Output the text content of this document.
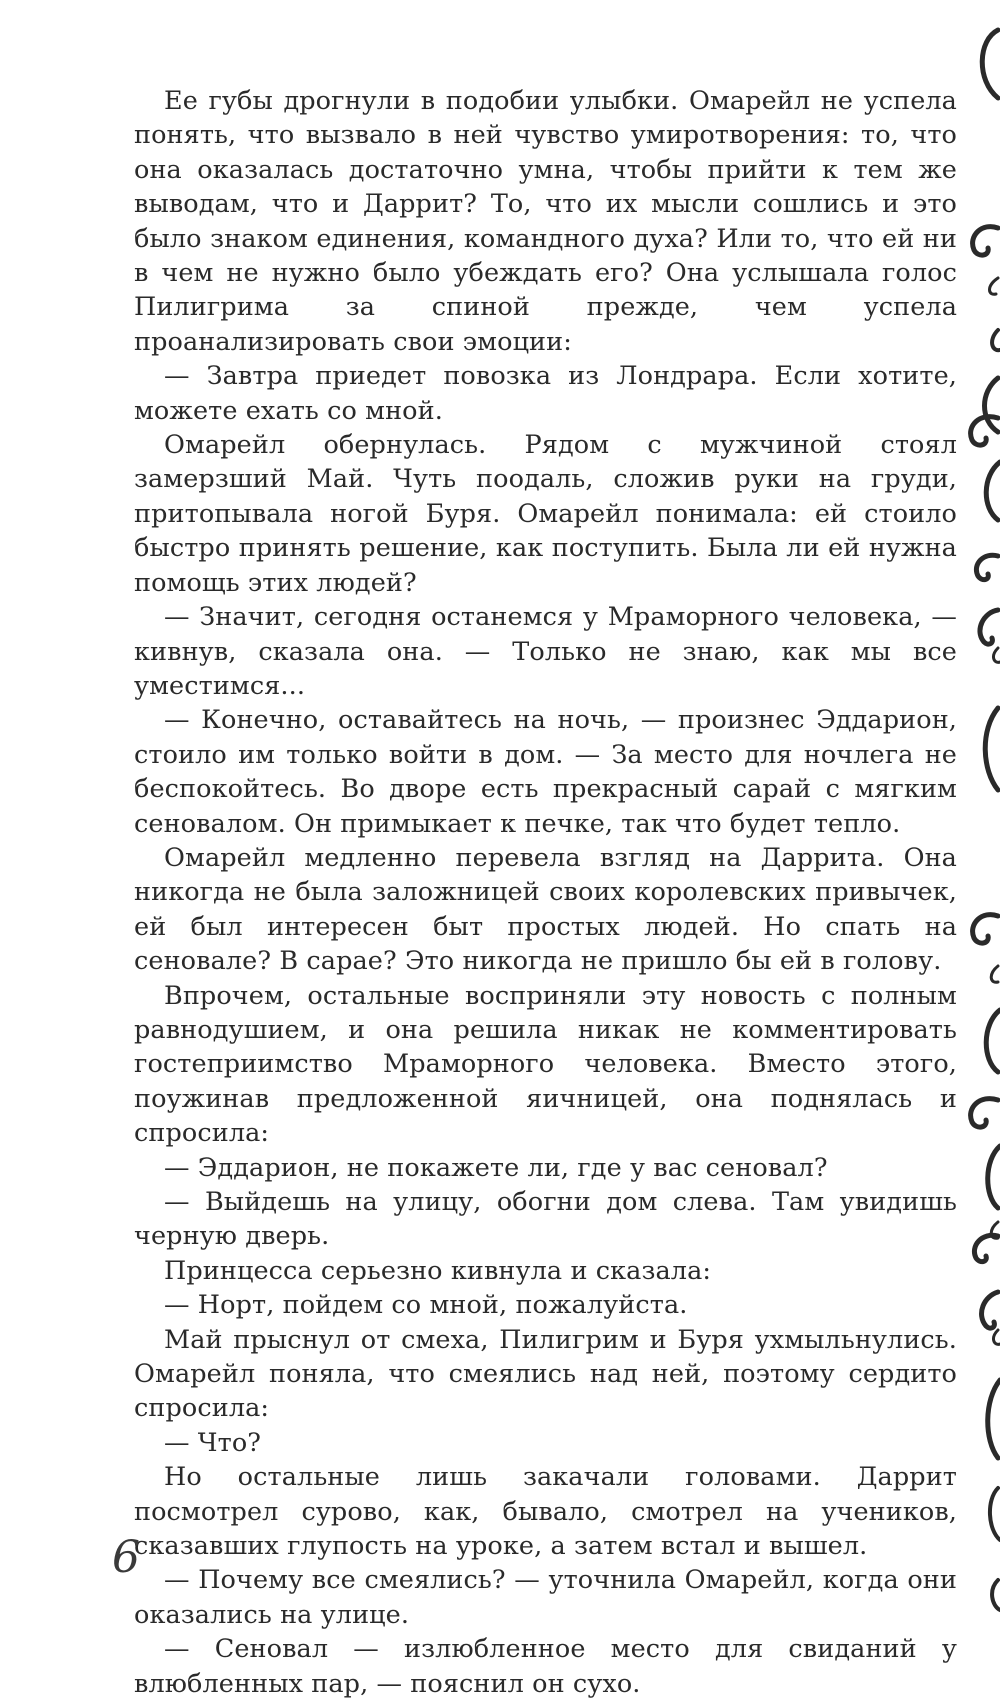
Ее губы дрогнули в подобии улыбки. Омарейл не успела понять, что вызвало в ней чувство умиротворения: то, что она оказалась достаточно умна, чтобы прийти к тем же выводам, что и Даррит? То, что их мысли сошлись и это было знаком единения, командного духа? Или то, что ей ни в чем не нужно было убеждать его? Она услышала голос Пилигрима за спиной прежде, чем успела проанализировать свои эмоции:

— Завтра приедет повозка из Лондрара. Если хотите, можете ехать со мной.

Омарейл обернулась. Рядом с мужчиной стоял замерзший Май. Чуть поодаль, сложив руки на груди, притопывала ногой Буря. Омарейл понимала: ей стоило быстро принять решение, как поступить. Была ли ей нужна помощь этих людей?

— Значит, сегодня останемся у Мраморного человека, — кивнув, сказала она. — Только не знаю, как мы все уместимся...

— Конечно, оставайтесь на ночь, — произнес Эддарион, стоило им только войти в дом. — За место для ночлега не беспокойтесь. Во дворе есть прекрасный сарай с мягким сеновалом. Он примыкает к печке, так что будет тепло.

Омарейл медленно перевела взгляд на Даррита. Она никогда не была заложницей своих королевских привычек, ей был интересен быт простых людей. Но спать на сеновале? В сарае? Это никогда не пришло бы ей в голову.

Впрочем, остальные восприняли эту новость с полным равнодушием, и она решила никак не комментировать гостеприимство Мраморного человека. Вместо этого, поужинав предложенной яичницей, она поднялась и спросила:

— Эддарион, не покажете ли, где у вас сеновал?

— Выйдешь на улицу, обогни дом слева. Там увидишь черную дверь.

Принцесса серьезно кивнула и сказала:

— Норт, пойдем со мной, пожалуйста.

Май прыснул от смеха, Пилигрим и Буря ухмыльнулись. Омарейл поняла, что смеялись над ней, поэтому сердито спросила:

— Что?

Но остальные лишь закачали головами. Даррит посмотрел сурово, как, бывало, смотрел на учеников, сказавших глупость на уроке, а затем встал и вышел.

— Почему все смеялись? — уточнила Омарейл, когда они оказались на улице.

— Сеновал — излюбленное место для свиданий у влюбленных пар, — пояснил он сухо.

6
